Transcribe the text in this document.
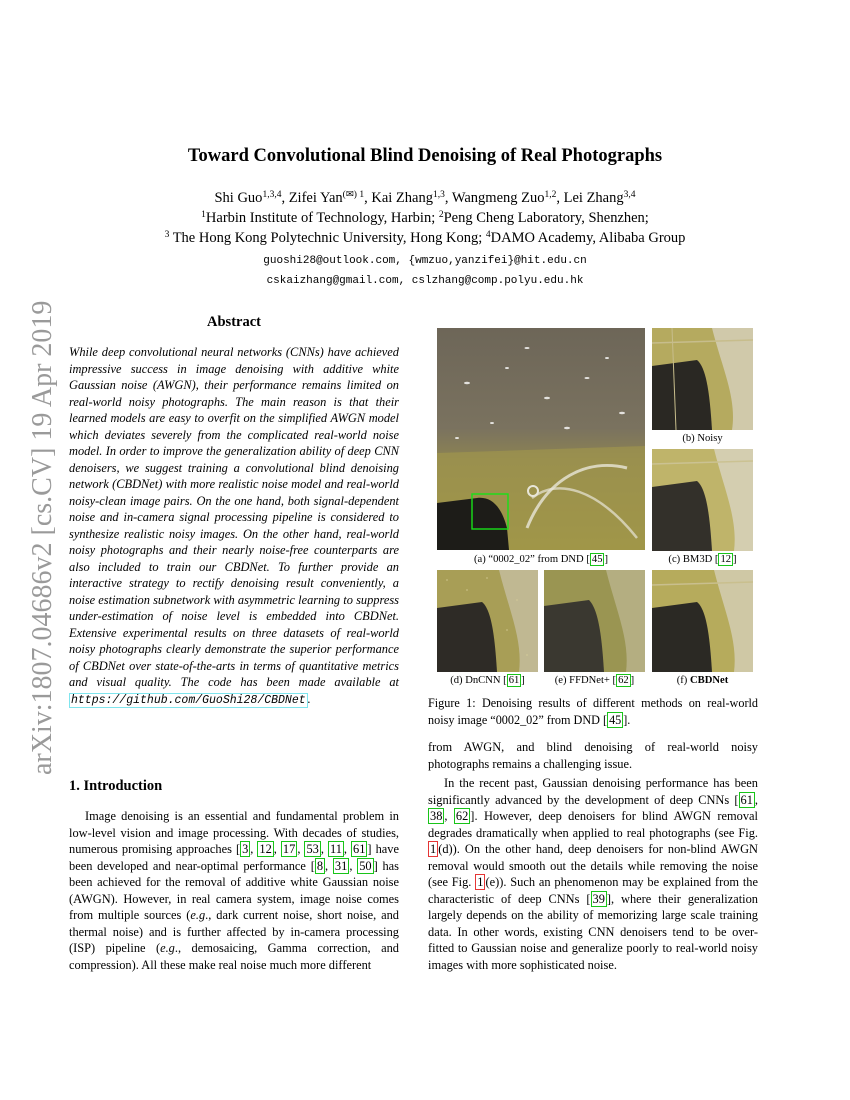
arXiv:1807.04686v2 [cs.CV] 19 Apr 2019
Toward Convolutional Blind Denoising of Real Photographs
Shi Guo$^{1,3,4}$, Zifei Yan$^{(✉) 1}$, Kai Zhang$^{1,3}$, Wangmeng Zuo$^{1,2}$, Lei Zhang$^{3,4}$
$^1$Harbin Institute of Technology, Harbin; $^2$Peng Cheng Laboratory, Shenzhen;
$^3$ The Hong Kong Polytechnic University, Hong Kong; $^4$DAMO Academy, Alibaba Group
guoshi28@outlook.com, {wmzuo,yanzifei}@hit.edu.cn
cskaizhang@gmail.com, cslzhang@comp.polyu.edu.hk
Abstract
While deep convolutional neural networks (CNNs) have achieved impressive success in image denoising with additive white Gaussian noise (AWGN), their performance remains limited on real-world noisy photographs. The main reason is that their learned models are easy to overfit on the simplified AWGN model which deviates severely from the complicated real-world noise model. In order to improve the generalization ability of deep CNN denoisers, we suggest training a convolutional blind denoising network (CBDNet) with more realistic noise model and real-world noisy-clean image pairs. On the one hand, both signal-dependent noise and in-camera signal processing pipeline is considered to synthesize realistic noisy images. On the other hand, real-world noisy photographs and their nearly noise-free counterparts are also included to train our CBDNet. To further provide an interactive strategy to rectify denoising result conveniently, a noise estimation subnetwork with asymmetric learning to suppress under-estimation of noise level is embedded into CBDNet. Extensive experimental results on three datasets of real-world noisy photographs clearly demonstrate the superior performance of CBDNet over state-of-the-arts in terms of quantitative metrics and visual quality. The code has been made available at https://github.com/GuoShi28/CBDNet .
1. Introduction
Image denoising is an essential and fundamental problem in low-level vision and image processing. With decades of studies, numerous promising approaches [ 3 , 12 , 17 , 53 , 11 , 61 ] have been developed and near-optimal performance [ 8 , 31 , 50 ] has been achieved for the removal of additive white Gaussian noise (AWGN). However, in real camera system, image noise comes from multiple sources (e.g., dark current noise, short noise, and thermal noise) and is further affected by in-camera processing (ISP) pipeline (e.g., demosaicing, Gamma correction, and compression). All these make real noise much more different
(a) “0002_02” from DND [ 45 ]
(b) Noisy
(c) BM3D [ 12 ]
(d) DnCNN [ 61 ]	(e) FFDNet+ [ 62 ]	(f) CBDNet
Figure 1: Denoising results of different methods on real-world noisy image “0002_02” from DND [ 45 ].
from AWGN, and blind denoising of real-world noisy photographs remains a challenging issue.
In the recent past, Gaussian denoising performance has been significantly advanced by the development of deep CNNs [ 61 , 38 , 62 ]. However, deep denoisers for blind AWGN removal degrades dramatically when applied to real photographs (see Fig. 1 (d)). On the other hand, deep denoisers for non-blind AWGN removal would smooth out the details while removing the noise (see Fig. 1 (e)). Such an phenomenon may be explained from the characteristic of deep CNNs [ 39 ], where their generalization largely depends on the ability of memorizing large scale training data. In other words, existing CNN denoisers tend to be over-fitted to Gaussian noise and generalize poorly to real-world noisy images with more sophisticated noise.
